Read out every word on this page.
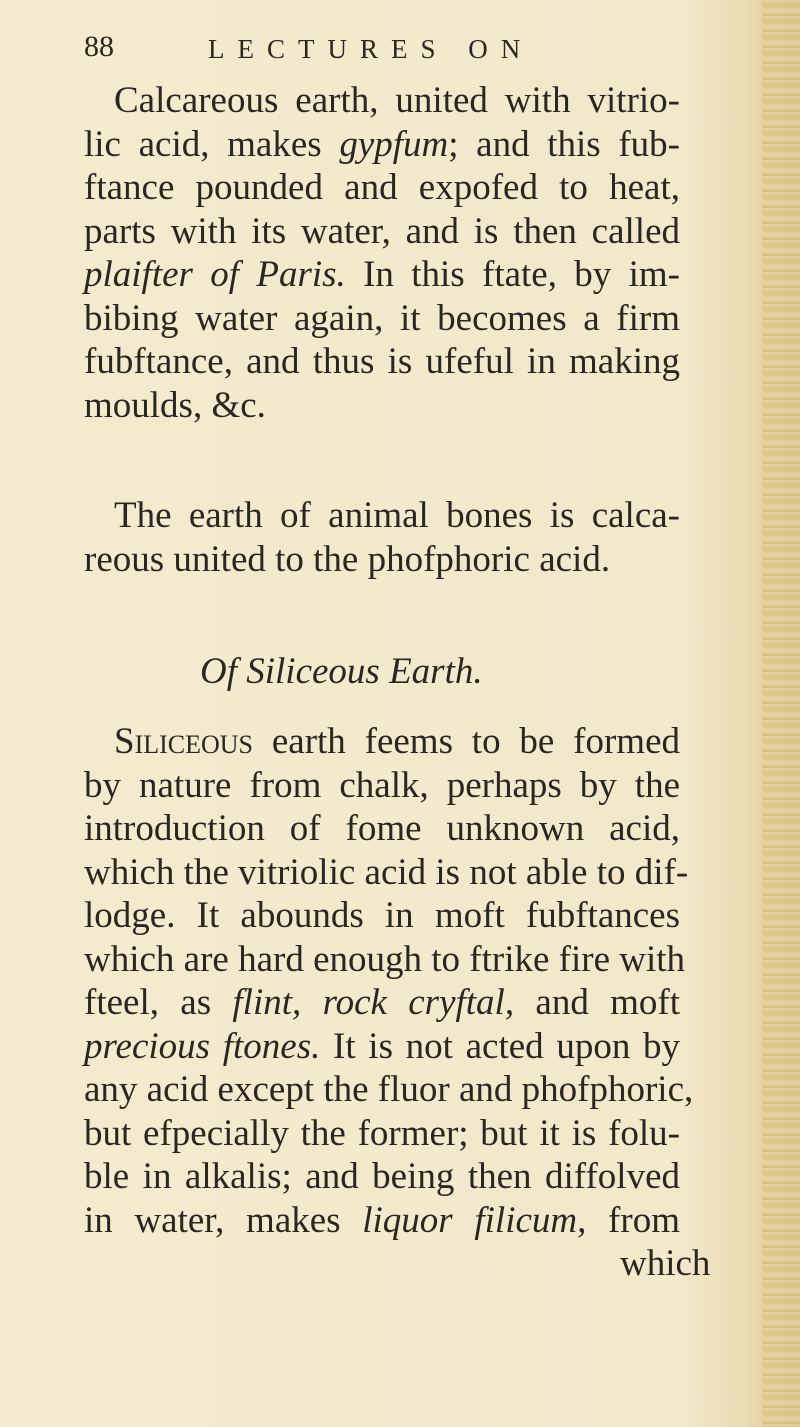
88	LECTURES ON
Calcareous earth, united with vitrio-
lic acid, makes gypfum; and this fub-
ftance pounded and expofed to heat,
parts with its water, and is then called
plaifter of Paris. In this ftate, by im-
bibing water again, it becomes a firm
fubftance, and thus is ufeful in making
moulds, &c.
The earth of animal bones is calca-
reous united to the phofphoric acid.
Of Siliceous Earth.
Siliceous earth feems to be formed
by nature from chalk, perhaps by the
introduction of fome unknown acid,
which the vitriolic acid is not able to dif-
lodge. It abounds in moft fubftances
which are hard enough to ftrike fire with
fteel, as flint, rock cryftal, and moft
precious ftones. It is not acted upon by
any acid except the fluor and phofphoric,
but efpecially the former; but it is folu-
ble in alkalis; and being then diffolved
in water, makes liquor filicum, from
which
